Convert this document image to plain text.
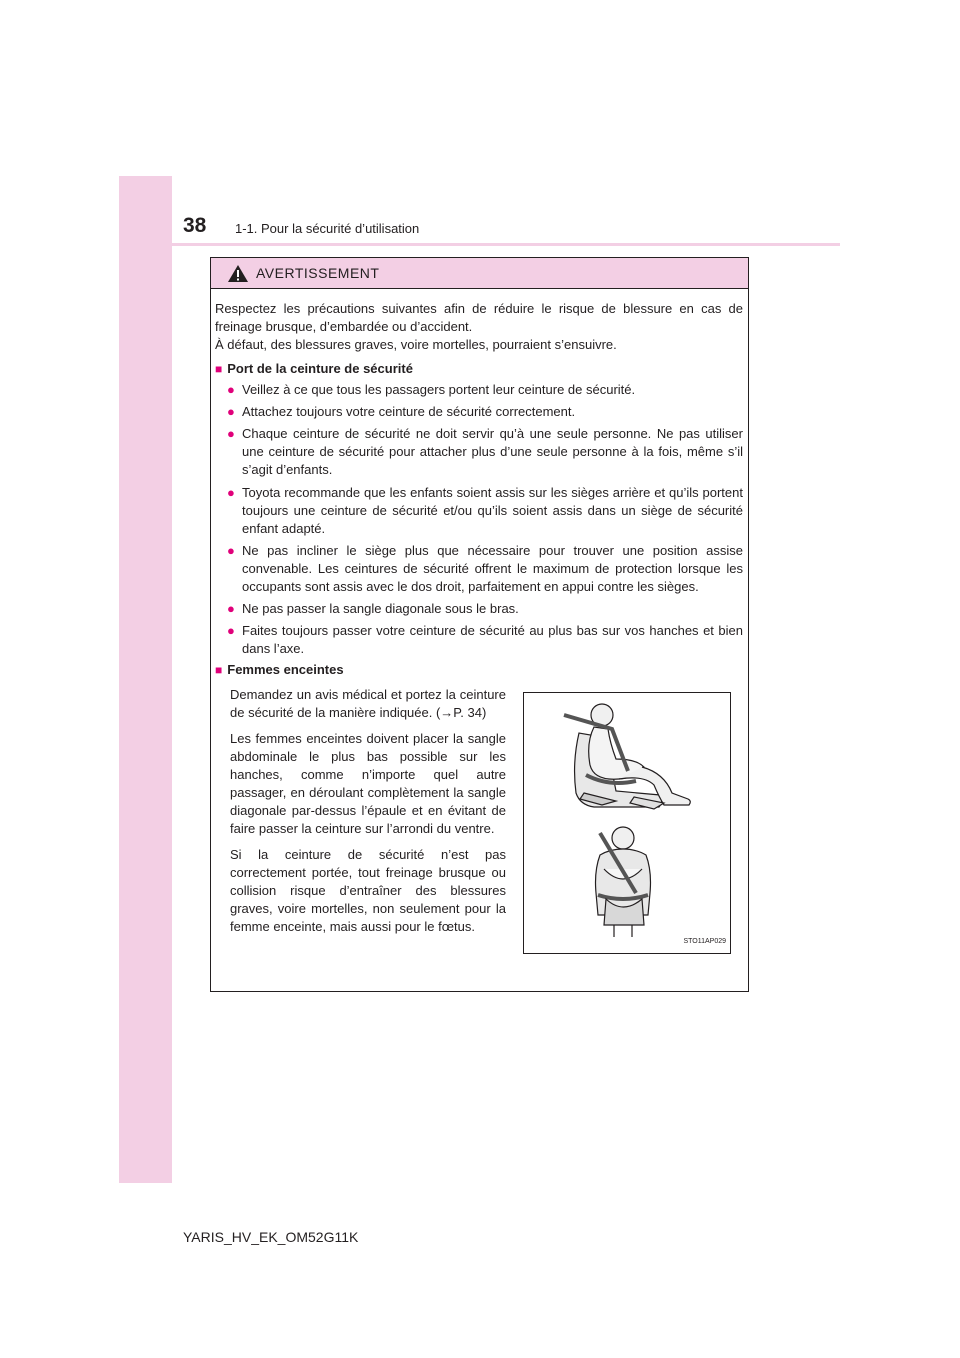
38 1-1. Pour la sécurité d’utilisation
AVERTISSEMENT

Respectez les précautions suivantes afin de réduire le risque de blessure en cas de freinage brusque, d’embardée ou d’accident.

À défaut, des blessures graves, voire mortelles, pourraient s’ensuivre.

■ Port de la ceinture de sécurité
● Veillez à ce que tous les passagers portent leur ceinture de sécurité.
● Attachez toujours votre ceinture de sécurité correctement.
● Chaque ceinture de sécurité ne doit servir qu’à une seule personne. Ne pas utiliser une ceinture de sécurité pour attacher plus d’une seule personne à la fois, même s’il s’agit d’enfants.
● Toyota recommande que les enfants soient assis sur les sièges arrière et qu’ils portent toujours une ceinture de sécurité et/ou qu’ils soient assis dans un siège de sécurité enfant adapté.
● Ne pas incliner le siège plus que nécessaire pour trouver une position assise convenable. Les ceintures de sécurité offrent le maximum de protection lorsque les occupants sont assis avec le dos droit, parfaitement en appui contre les sièges.
● Ne pas passer la sangle diagonale sous le bras.
● Faites toujours passer votre ceinture de sécurité au plus bas sur vos hanches et bien dans l’axe.
■ Femmes enceintes

Demandez un avis médical et portez la ceinture de sécurité de la manière indiquée. (→P. 34)

Les femmes enceintes doivent placer la sangle abdominale le plus bas possible sur les hanches, comme n’importe quel autre passager, en déroulant complètement la sangle diagonale par-dessus l’épaule et en évitant de faire passer la ceinture sur l’arrondi du ventre.

Si la ceinture de sécurité n’est pas correctement portée, tout freinage brusque ou collision risque d’entraîner des blessures graves, voire mortelles, non seulement pour la femme enceinte, mais aussi pour le fœtus.

STO11AP029
YARIS_HV_EK_OM52G11K
